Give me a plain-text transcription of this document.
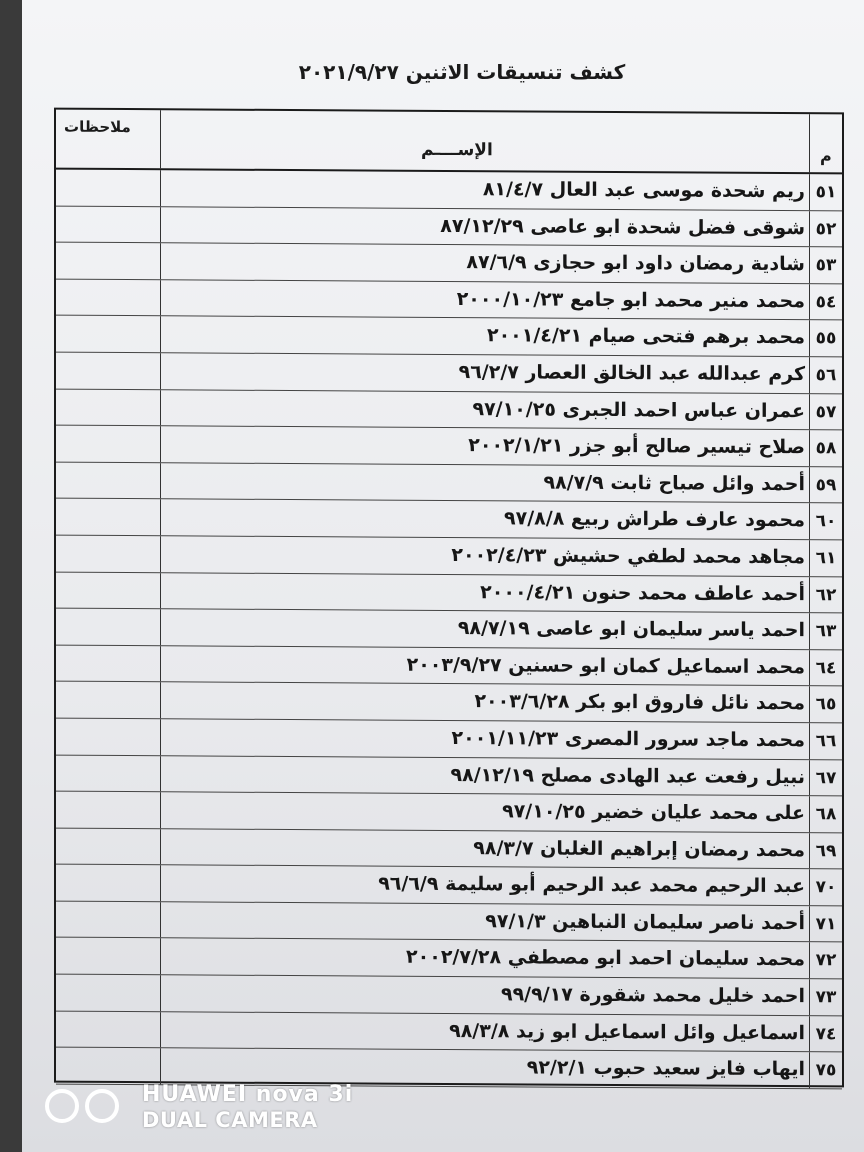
كشف تنسيقات الاثنين ٢٠٢١/٩/٢٧
ملاحظات
الإســــم	م
ريم شحدة موسى عبد العال ٨١/٤/٧ ٥١
شوقى فضل شحدة ابو عاصى ٨٧/١٢/٢٩ ٥٢
شادية رمضان داود ابو حجازى ٨٧/٦/٩ ٥٣
محمد منير محمد ابو جامع ٢٠٠٠/١٠/٢٣ ٥٤
محمد برهم فتحى صيام ٢٠٠١/٤/٢١ ٥٥
كرم عبدالله عبد الخالق العصار ٩٦/٢/٧ ٥٦
عمران عباس احمد الجبرى ٩٧/١٠/٢٥ ٥٧
صلاح تيسير صالح أبو جزر ٢٠٠٢/١/٢١ ٥٨
أحمد وائل صباح ثابت ٩٨/٧/٩ ٥٩
محمود عارف طراش ربيع ٩٧/٨/٨ ٦٠
مجاهد محمد لطفي حشيش ٢٠٠٢/٤/٢٣ ٦١
أحمد عاطف محمد حنون ٢٠٠٠/٤/٢١ ٦٢
احمد ياسر سليمان ابو عاصى ٩٨/٧/١٩ ٦٣
محمد اسماعيل كمان ابو حسنين ٢٠٠٣/٩/٢٧ ٦٤
محمد نائل فاروق ابو بكر ٢٠٠٣/٦/٢٨ ٦٥
محمد ماجد سرور المصرى ٢٠٠١/١١/٢٣ ٦٦
نبيل رفعت عبد الهادى مصلح ٩٨/١٢/١٩ ٦٧
على محمد عليان خضير ٩٧/١٠/٢٥ ٦٨
محمد رمضان إبراهيم الغلبان ٩٨/٣/٧ ٦٩
عبد الرحيم محمد عبد الرحيم أبو سليمة ٩٦/٦/٩ ٧٠
أحمد ناصر سليمان النباهين ٩٧/١/٣ ٧١
محمد سليمان احمد ابو مصطفي ٢٠٠٢/٧/٢٨ ٧٢
احمد خليل محمد شقورة ٩٩/٩/١٧ ٧٣
اسماعيل وائل اسماعيل ابو زيد ٩٨/٣/٨ ٧٤
ايهاب فايز سعيد حبوب ٩٢/٢/١ ٧٥
HUAWEI nova 3i
DUAL CAMERA
